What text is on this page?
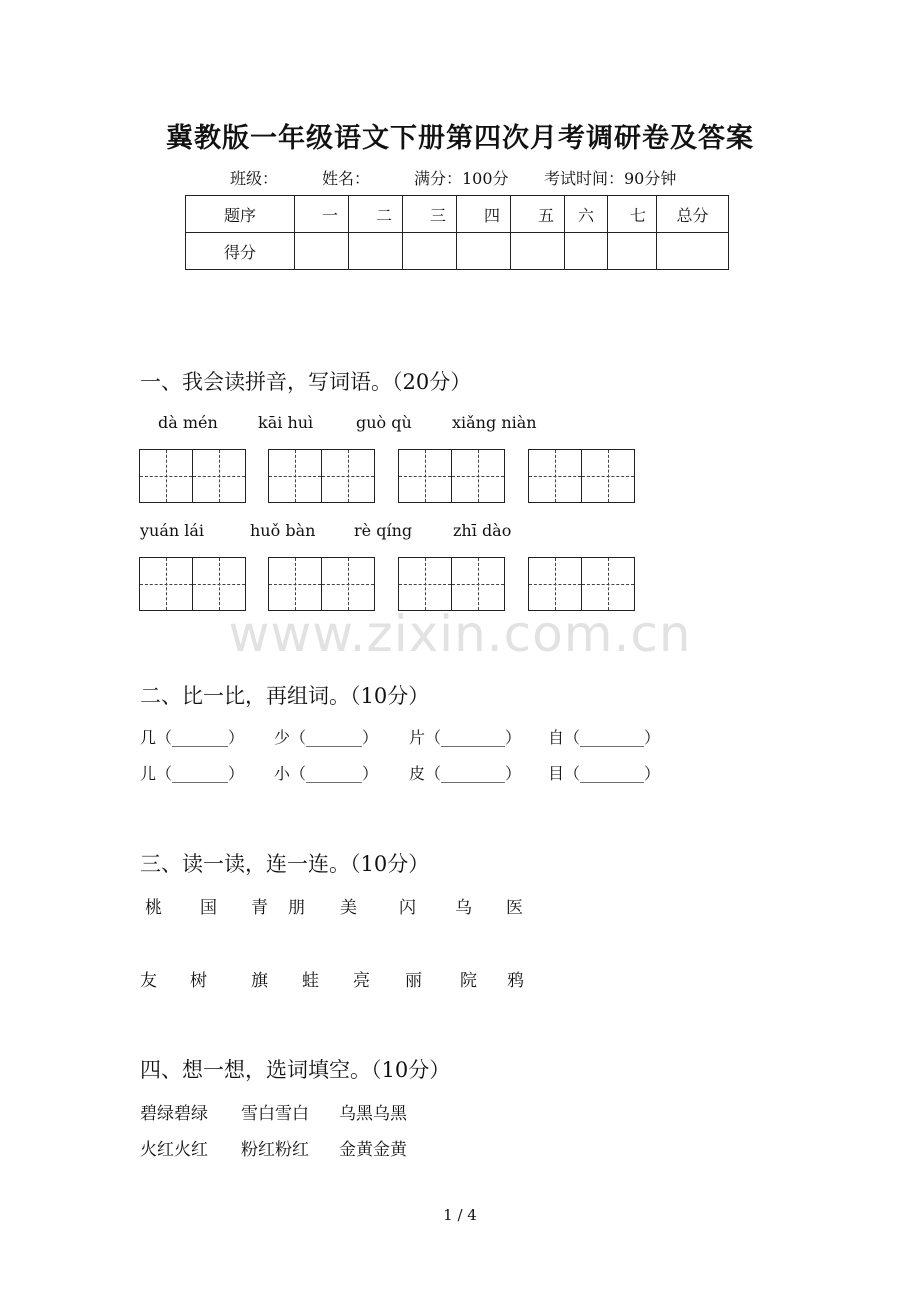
www.zixin.com.cn
冀教版一年级语文下册第四次月考调研卷及答案
班级：	姓名：	满分：100分 考试时间：90分钟
题序	一	二	三	四	五	六	七	总分
得分								
一、我会读拼音，写词语。（20分）
dà mén	kāi huì	guò qù	xiǎng niàn
yuán lái	huǒ bàn rè qíng	zhī dào
二、比一比，再组词。（10分）
几（_______） 少（_______） 片（________） 自（________）
儿（_______） 小（_______） 皮（________） 目（________）
三、读一读，连一连。（10分）
桃 国 青 朋 美 闪 乌 医
友 树	旗 蛙 亮 丽 院 鸦
四、想一想，选词填空。（10分）
碧绿碧绿 雪白雪白 乌黑乌黑
火红火红 粉红粉红 金黄金黄
1 / 4
